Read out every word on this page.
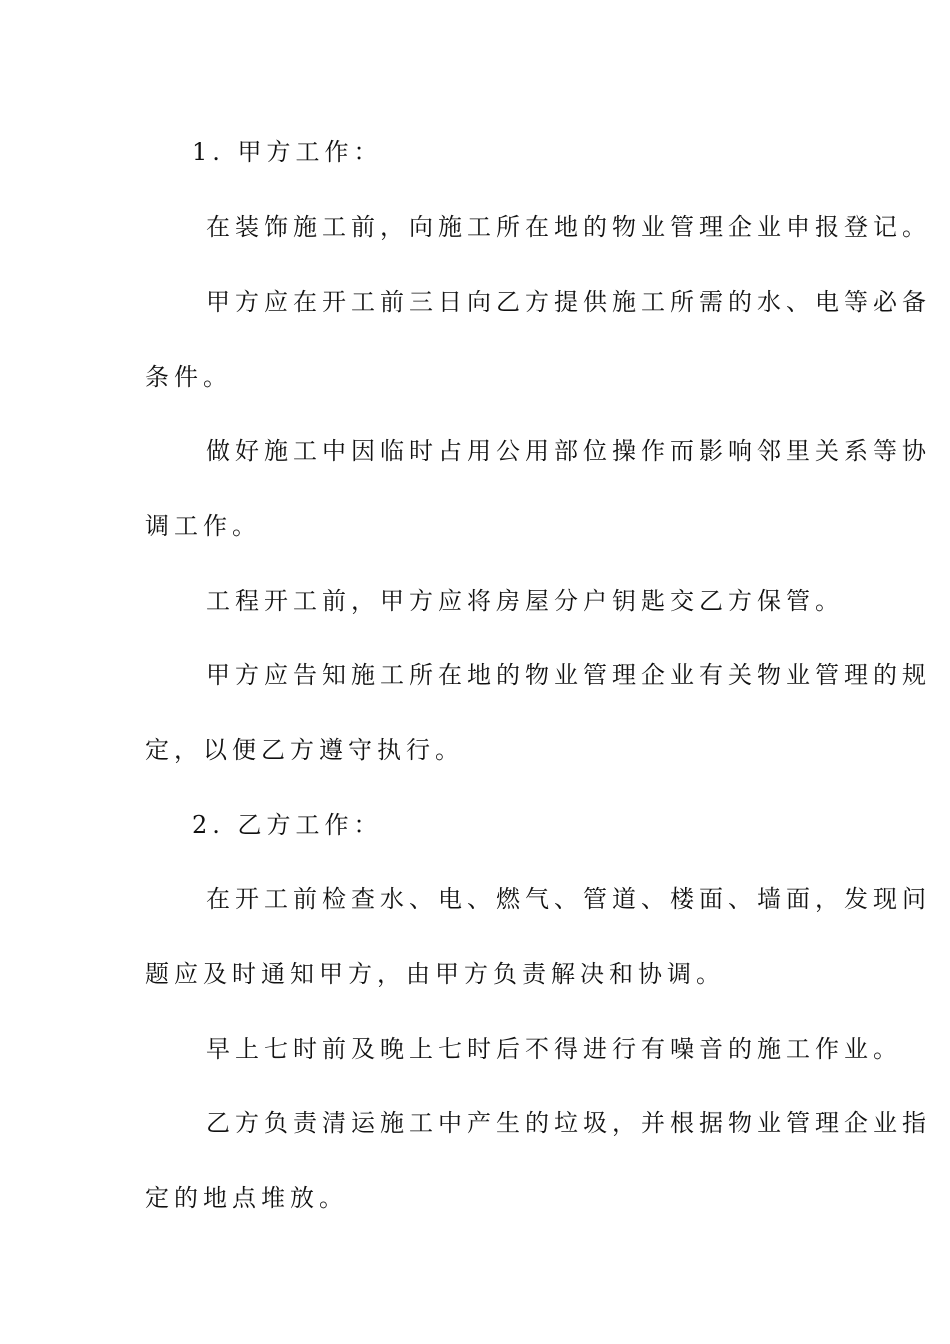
1. 甲方工作：
在装饰施工前，向施工所在地的物业管理企业申报登记。
甲方应在开工前三日向乙方提供施工所需的水、电等必备
条件。
做好施工中因临时占用公用部位操作而影响邻里关系等协
调工作。
工程开工前，甲方应将房屋分户钥匙交乙方保管。
甲方应告知施工所在地的物业管理企业有关物业管理的规
定，以便乙方遵守执行。
2. 乙方工作：
在开工前检查水、电、燃气、管道、楼面、墙面，发现问
题应及时通知甲方，由甲方负责解决和协调。
早上七时前及晚上七时后不得进行有噪音的施工作业。
乙方负责清运施工中产生的垃圾，并根据物业管理企业指
定的地点堆放。
